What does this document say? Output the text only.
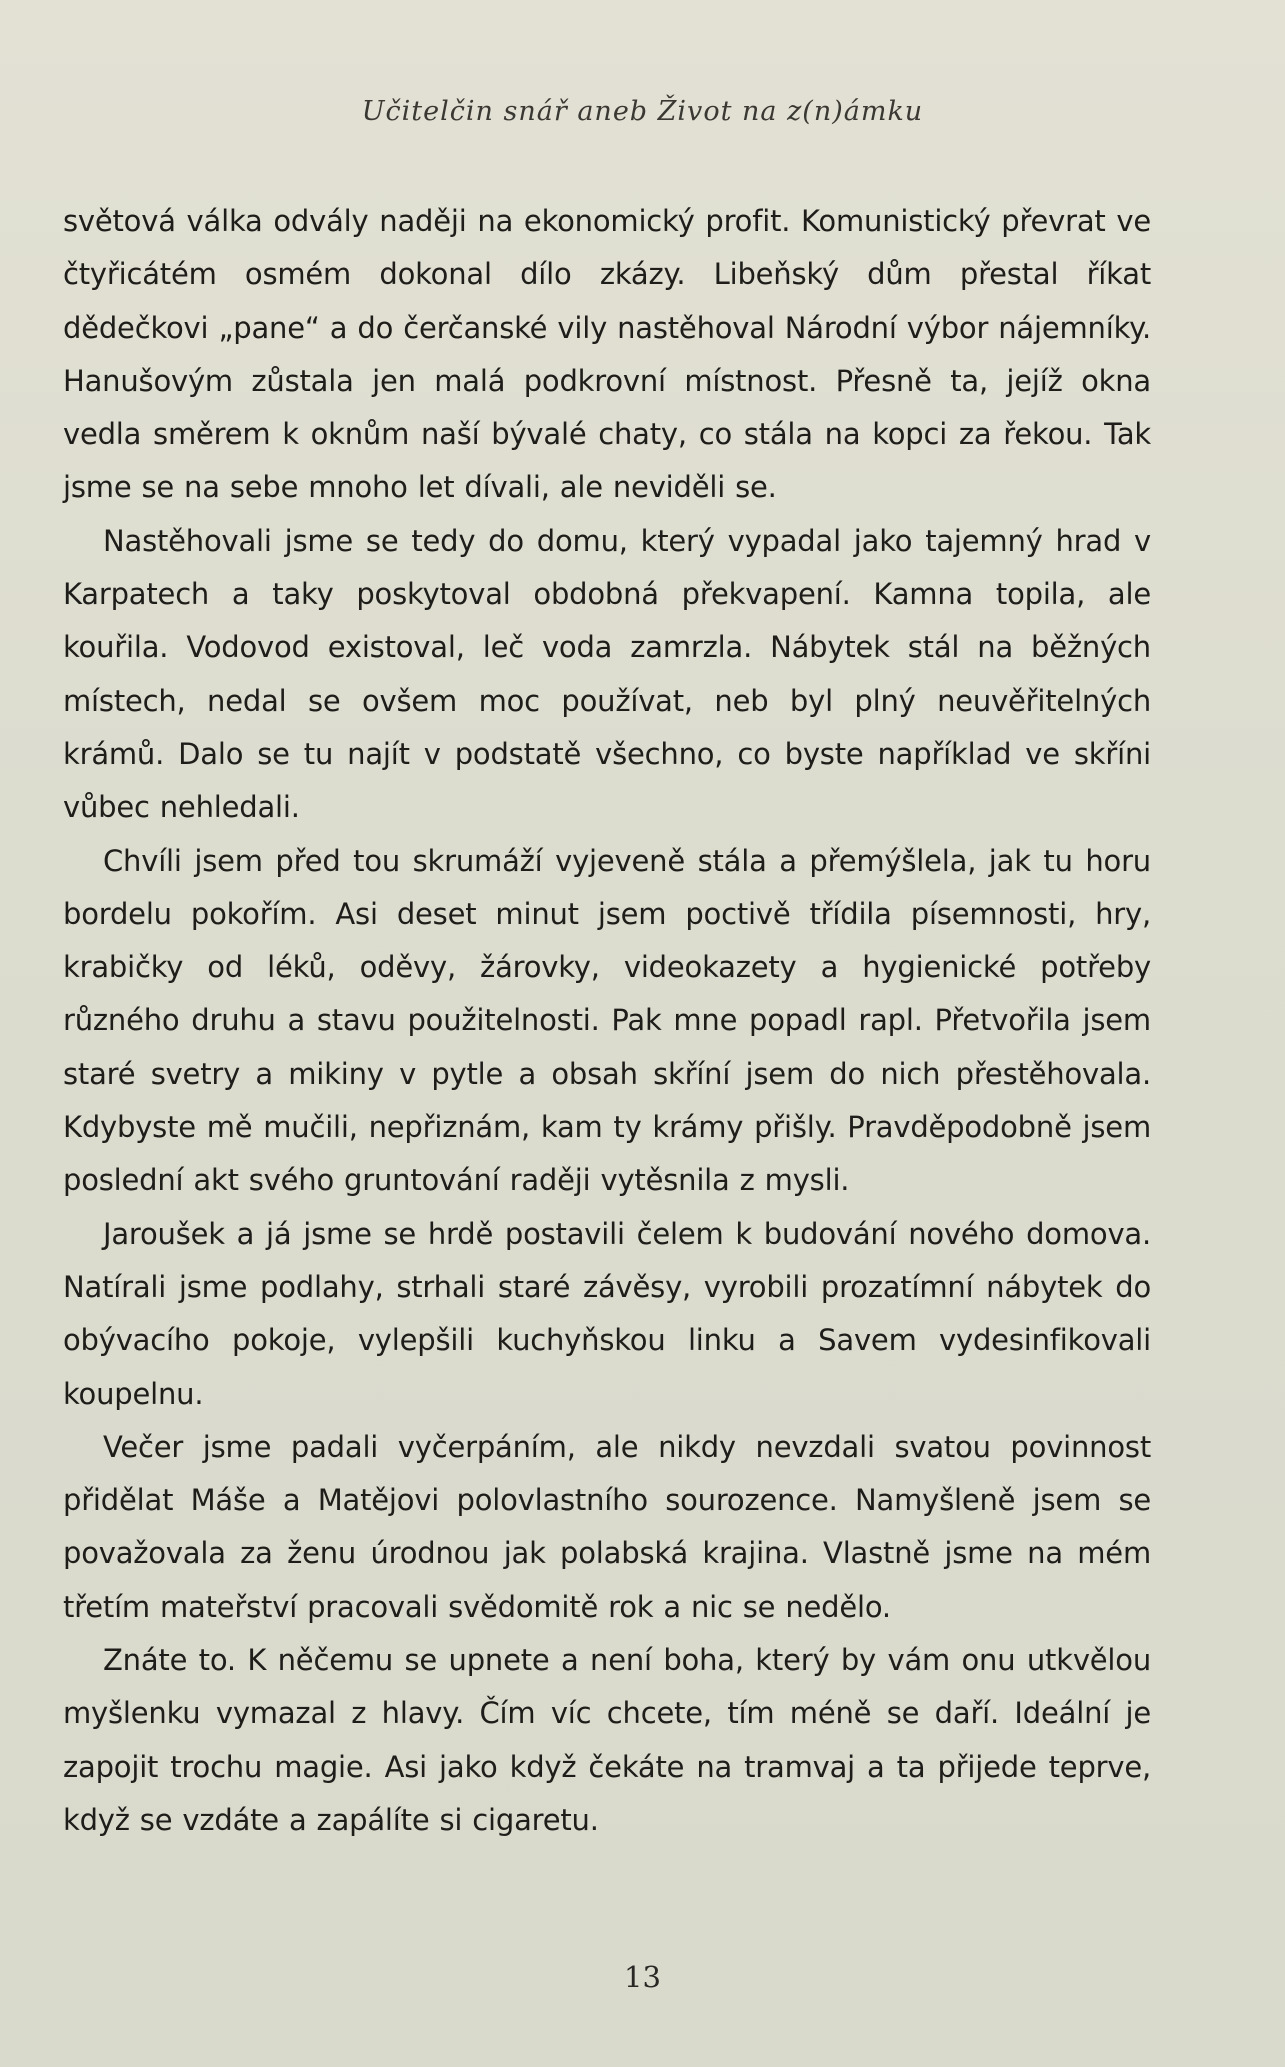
Učitelčin snář aneb Život na z(n)ámku

světová válka odvály naději na ekonomický profit. Komunistický převrat ve čtyřicátém osmém dokonal dílo zkázy. Libeňský dům přestal říkat dědečkovi „pane“ a do čerčanské vily nastěhoval Národní výbor nájemníky. Hanušovým zůstala jen malá podkrovní místnost. Přesně ta, jejíž okna vedla směrem k oknům naší bývalé chaty, co stála na kopci za řekou. Tak jsme se na sebe mnoho let dívali, ale neviděli se.

Nastěhovali jsme se tedy do domu, který vypadal jako tajemný hrad v Karpatech a taky poskytoval obdobná překvapení. Kamna topila, ale kouřila. Vodovod existoval, leč voda zamrzla. Nábytek stál na běžných místech, nedal se ovšem moc používat, neb byl plný neuvěřitelných krámů. Dalo se tu najít v podstatě všechno, co byste například ve skříni vůbec nehledali.

Chvíli jsem před tou skrumáží vyjeveně stála a přemýšlela, jak tu horu bordelu pokořím. Asi deset minut jsem poctivě třídila písemnosti, hry, krabičky od léků, oděvy, žárovky, videokazety a hygienické potřeby různého druhu a stavu použitelnosti. Pak mne popadl rapl. Přetvořila jsem staré svetry a mikiny v pytle a obsah skříní jsem do nich přestěhovala. Kdybyste mě mučili, nepřiznám, kam ty krámy přišly. Pravděpodobně jsem poslední akt svého gruntování raději vytěsnila z mysli.

Jaroušek a já jsme se hrdě postavili čelem k budování nového domova. Natírali jsme podlahy, strhali staré závěsy, vyrobili prozatímní nábytek do obývacího pokoje, vylepšili kuchyňskou linku a Savem vydesinfikovali koupelnu.

Večer jsme padali vyčerpáním, ale nikdy nevzdali svatou povinnost přidělat Máše a Matějovi polovlastního sourozence. Namyšleně jsem se považovala za ženu úrodnou jak polabská krajina. Vlastně jsme na mém třetím mateřství pracovali svědomitě rok a nic se nedělo.

Znáte to. K něčemu se upnete a není boha, který by vám onu utkvělou myšlenku vymazal z hlavy. Čím víc chcete, tím méně se daří. Ideální je zapojit trochu magie. Asi jako když čekáte na tramvaj a ta přijede teprve, když se vzdáte a zapálíte si cigaretu.

13
